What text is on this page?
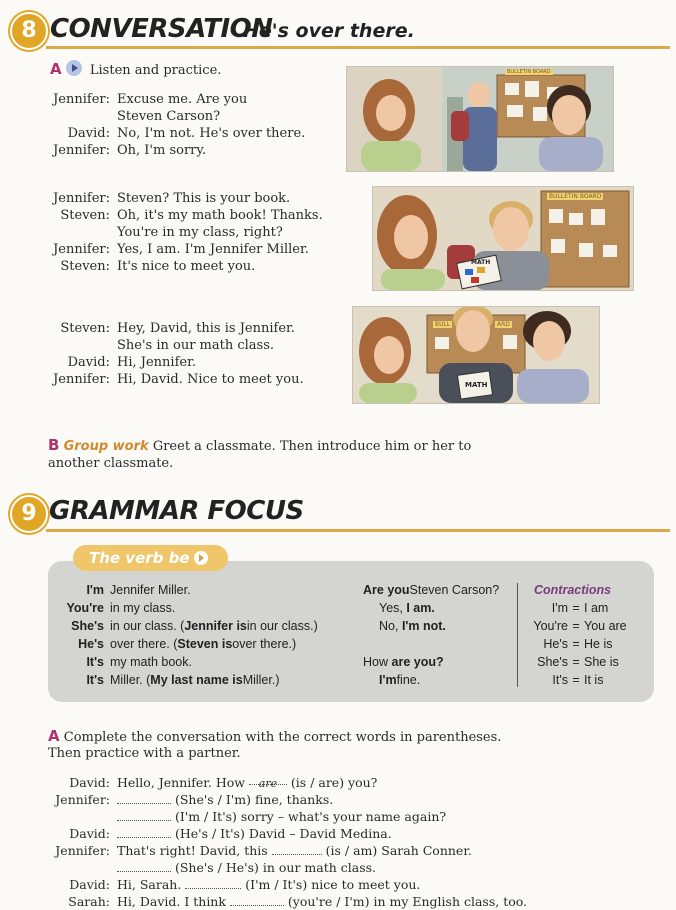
8 CONVERSATION
He's over there.
A Listen and practice.
Jennifer: Excuse me. Are you
Steven Carson?
David: No, I'm not. He's over there.
Jennifer: Oh, I'm sorry.
BULLETIN BOARD
Jennifer: Steven? This is your book.
Steven: Oh, it's my math book! Thanks.
You're in my class, right?
Jennifer: Yes, I am. I'm Jennifer Miller.
Steven: It's nice to meet you.
BULLETIN BOARD
MATH
Steven: Hey, David, this is Jennifer.
She's in our math class.
David: Hi, Jennifer.
Jennifer: Hi, David. Nice to meet you.
BULL	ARD
MATH
B Group work Greet a classmate. Then introduce him or her to
another classmate.
9 GRAMMAR FOCUS
The verb be
I'm Jennifer Miller.
You're in my class.
She's in our class. ( Jennifer is in our class.)
He's over there. ( Steven is over there.)
It's my math book.
It's Miller. ( My last name is Miller.)
Are you Steven Carson?
Yes,
I am.
No,
I'm not.

How
are you?
I'm fine.
Contractions
I'm = I am
You're = You are
He's = He is
She's = She is
It's = It is
A Complete the conversation with the correct words in parentheses.
Then practice with a partner.
David: Hello, Jennifer. How are (is / are) you?
Jennifer:	(She's / I'm) fine, thanks.
(I'm / It's) sorry – what's your name again?
David:	(He's / It's) David – David Medina.
Jennifer: That's right! David, this	(is / am) Sarah Conner.
(She's / He's) in our math class.
David: Hi, Sarah.	(I'm / It's) nice to meet you.
Sarah: Hi, David. I think	(you're / I'm) in my English class, too.
